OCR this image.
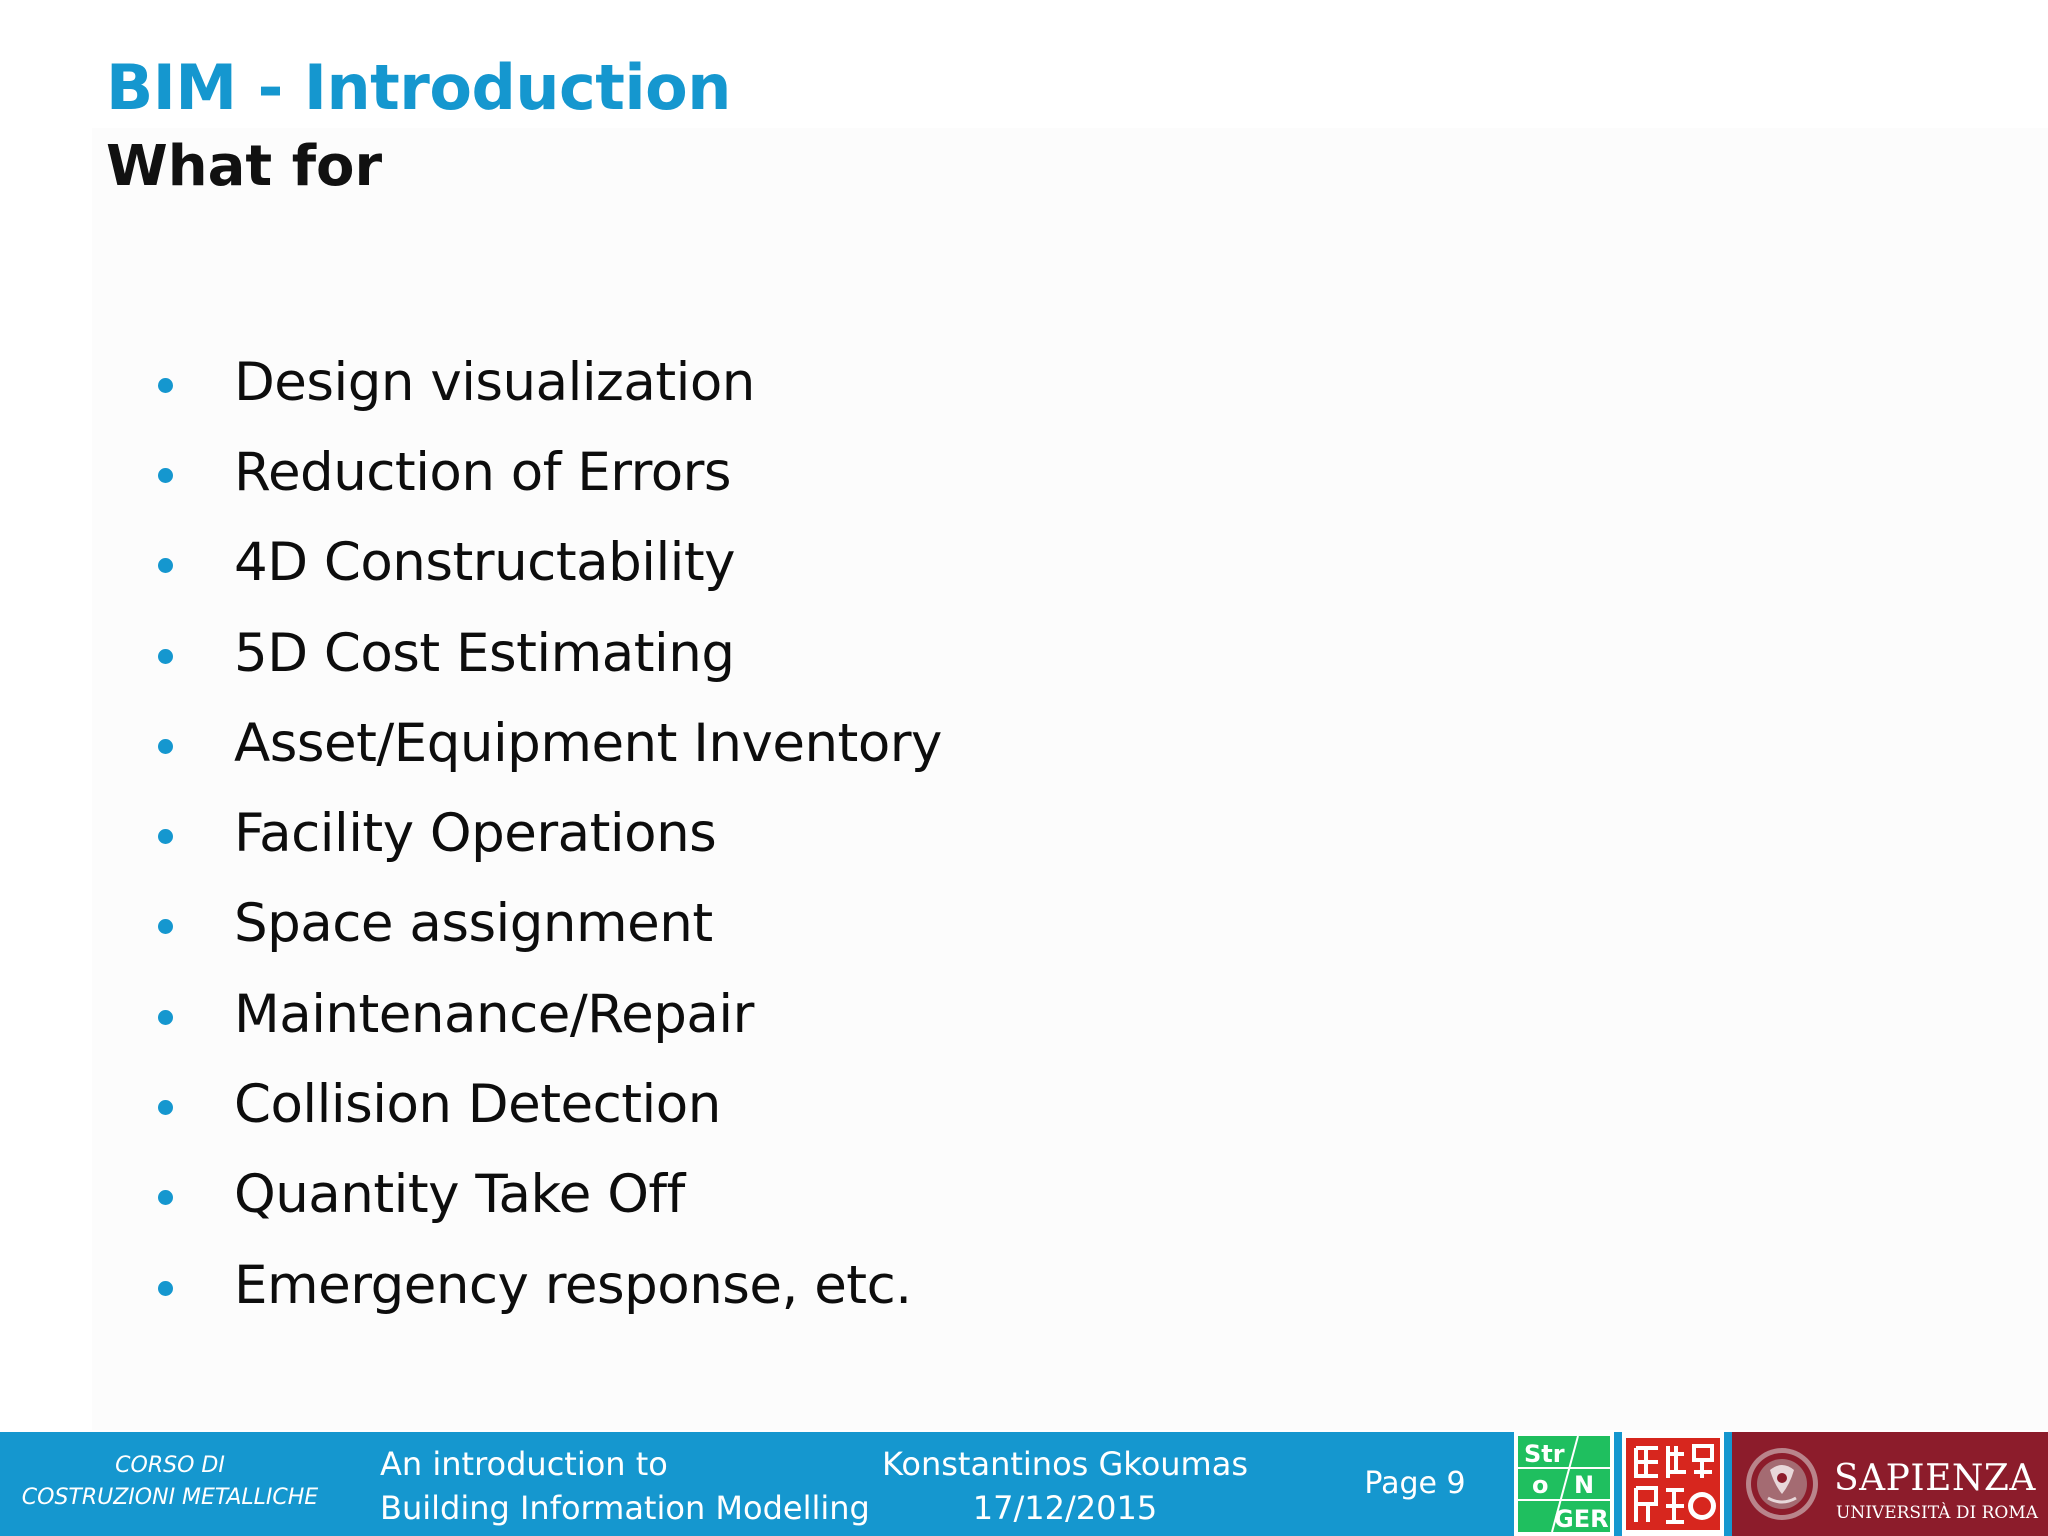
BIM - Introduction
What for
Design visualization
Reduction of Errors
4D Constructability
5D Cost Estimating
Asset/Equipment Inventory
Facility Operations
Space assignment
Maintenance/Repair
Collision Detection
Quantity Take Off
Emergency response, etc.
CORSO DI
COSTRUZIONI METALLICHE
An introduction to
Building Information Modelling
Konstantinos Gkoumas
17/12/2015
Page 9
Str
o N
GER
SAPIENZA
UNIVERSITÀ DI ROMA
